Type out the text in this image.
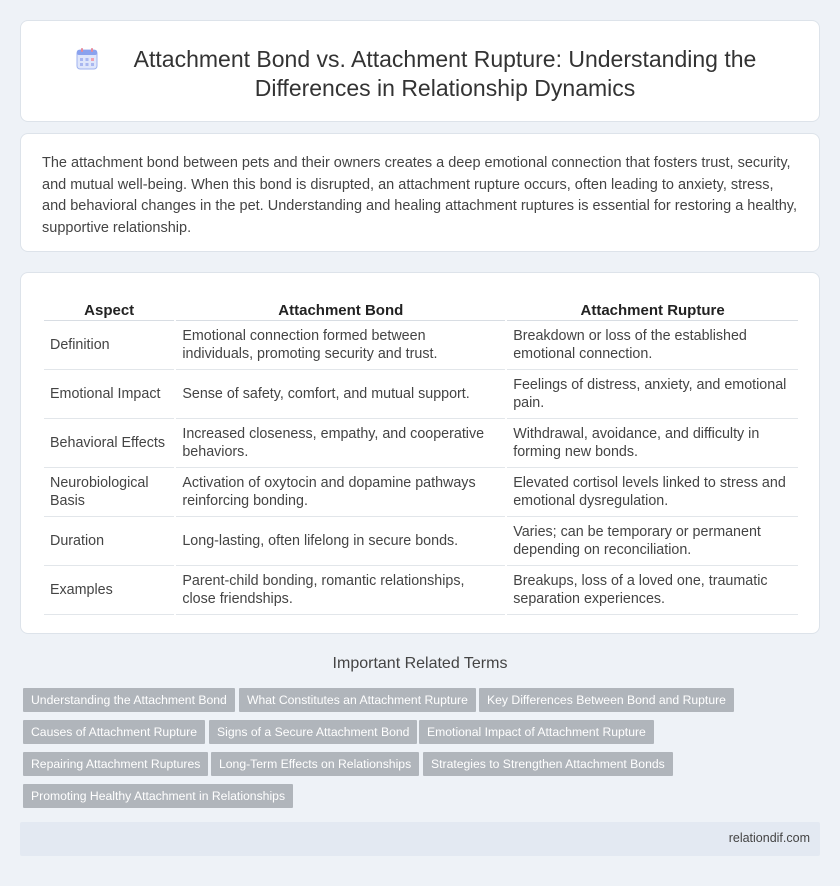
Attachment Bond vs. Attachment Rupture: Understanding the Differences in Relationship Dynamics

The attachment bond between pets and their owners creates a deep emotional connection that fosters trust, security, and mutual well-being. When this bond is disrupted, an attachment rupture occurs, often leading to anxiety, stress, and behavioral changes in the pet. Understanding and healing attachment ruptures is essential for restoring a healthy, supportive relationship.

Aspect	Attachment Bond	Attachment Rupture
Definition	Emotional connection formed between individuals, promoting security and trust.	Breakdown or loss of the established emotional connection.
Emotional Impact	Sense of safety, comfort, and mutual support.	Feelings of distress, anxiety, and emotional pain.
Behavioral Effects	Increased closeness, empathy, and cooperative behaviors.	Withdrawal, avoidance, and difficulty in forming new bonds.
Neurobiological Basis	Activation of oxytocin and dopamine pathways reinforcing bonding.	Elevated cortisol levels linked to stress and emotional dysregulation.
Duration	Long-lasting, often lifelong in secure bonds.	Varies; can be temporary or permanent depending on reconciliation.
Examples	Parent-child bonding, romantic relationships, close friendships.	Breakups, loss of a loved one, traumatic separation experiences.
Important Related Terms
Understanding the Attachment Bond	What Constitutes an Attachment Rupture	Key Differences Between Bond and Rupture
Causes of Attachment Rupture	Signs of a Secure Attachment Bond	Emotional Impact of Attachment Rupture
Repairing Attachment Ruptures	Long-Term Effects on Relationships	Strategies to Strengthen Attachment Bonds
Promoting Healthy Attachment in Relationships
relationdif.com
